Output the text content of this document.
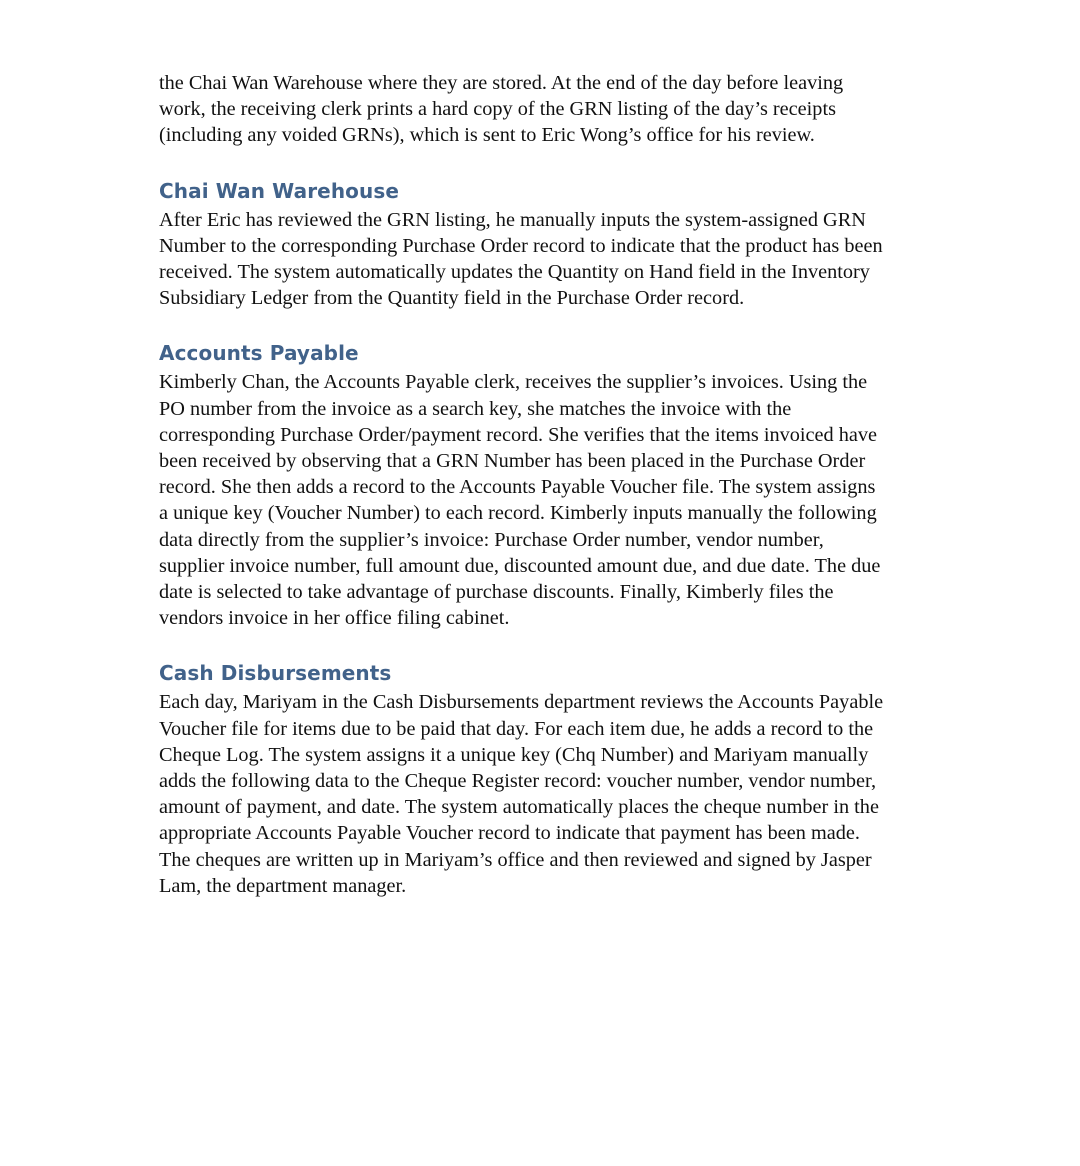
the Chai Wan Warehouse where they are stored. At the end of the day before leaving
work, the receiving clerk prints a hard copy of the GRN listing of the day’s receipts
(including any voided GRNs), which is sent to Eric Wong’s office for his review.

Chai Wan Warehouse

After Eric has reviewed the GRN listing, he manually inputs the system-assigned GRN
Number to the corresponding Purchase Order record to indicate that the product has been
received. The system automatically updates the Quantity on Hand field in the Inventory
Subsidiary Ledger from the Quantity field in the Purchase Order record.

Accounts Payable

Kimberly Chan, the Accounts Payable clerk, receives the supplier’s invoices. Using the
PO number from the invoice as a search key, she matches the invoice with the
corresponding Purchase Order/payment record. She verifies that the items invoiced have
been received by observing that a GRN Number has been placed in the Purchase Order
record. She then adds a record to the Accounts Payable Voucher file. The system assigns
a unique key (Voucher Number) to each record. Kimberly inputs manually the following
data directly from the supplier’s invoice: Purchase Order number, vendor number,
supplier invoice number, full amount due, discounted amount due, and due date. The due
date is selected to take advantage of purchase discounts. Finally, Kimberly files the
vendors invoice in her office filing cabinet.

Cash Disbursements

Each day, Mariyam in the Cash Disbursements department reviews the Accounts Payable
Voucher file for items due to be paid that day. For each item due, he adds a record to the
Cheque Log. The system assigns it a unique key (Chq Number) and Mariyam manually
adds the following data to the Cheque Register record: voucher number, vendor number,
amount of payment, and date. The system automatically places the cheque number in the
appropriate Accounts Payable Voucher record to indicate that payment has been made.
The cheques are written up in Mariyam’s office and then reviewed and signed by Jasper
Lam, the department manager.
